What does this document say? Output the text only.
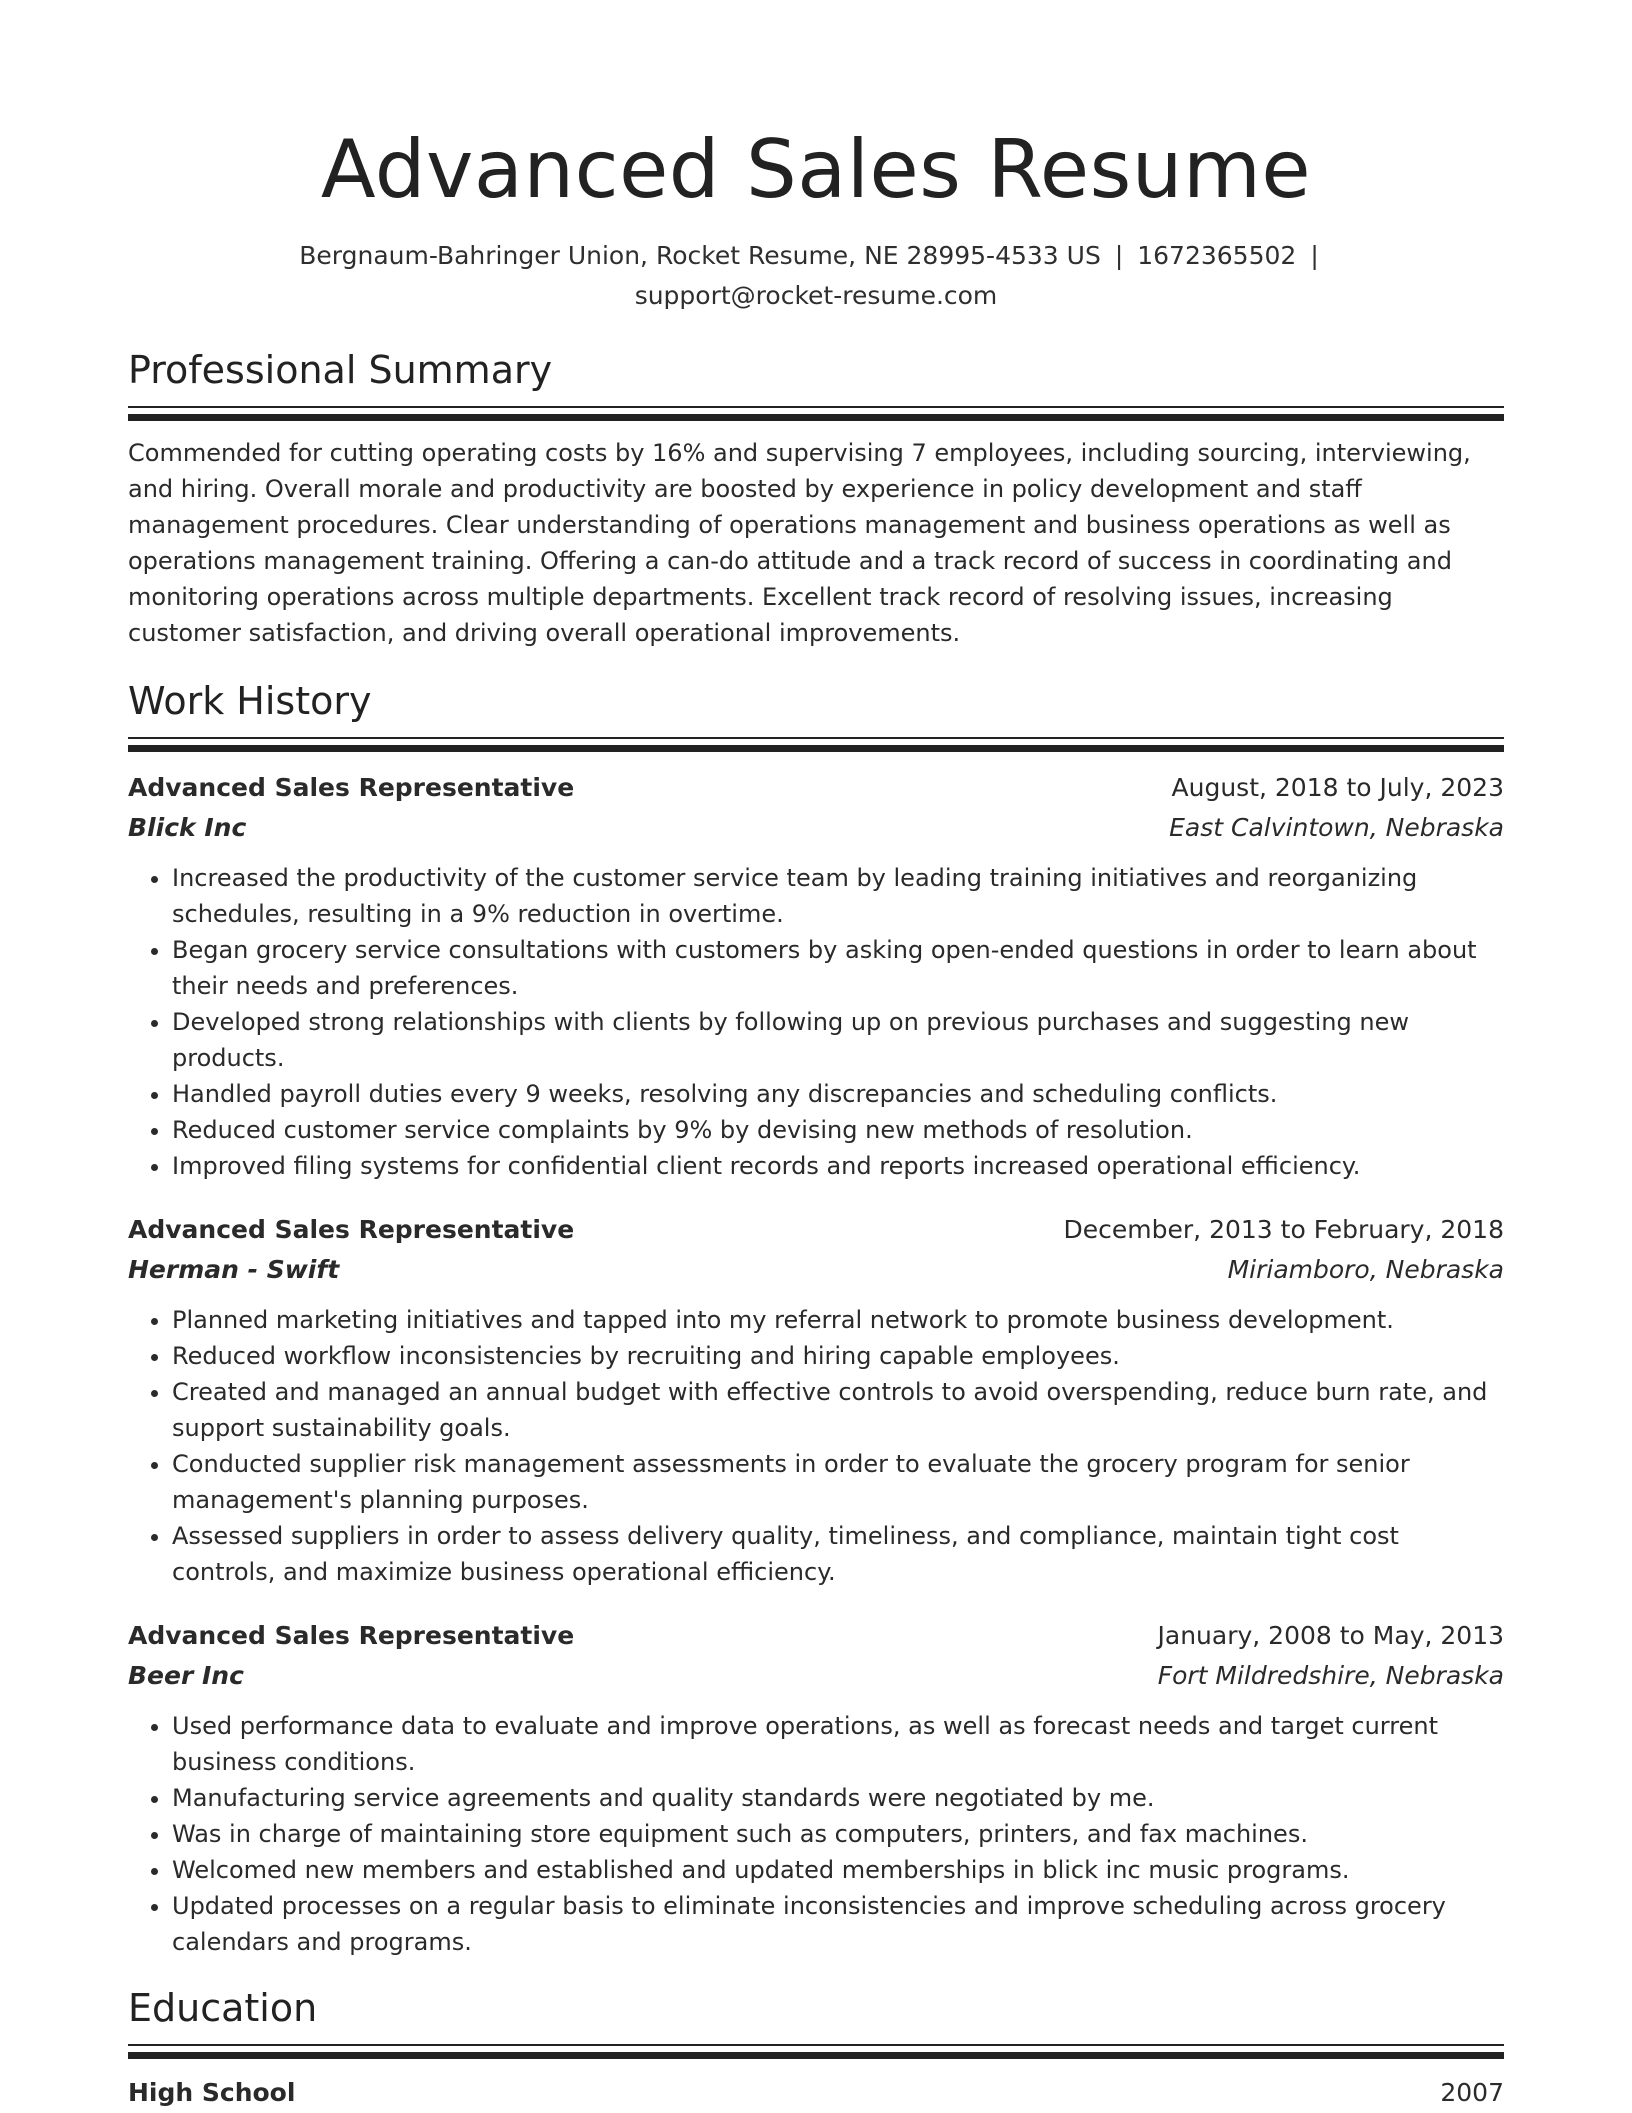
Advanced Sales Resume
Bergnaum-Bahringer Union, Rocket Resume, NE 28995-4533 US | 1672365502 |
support@rocket-resume.com
Professional Summary
Commended for cutting operating costs by 16% and supervising 7 employees, including sourcing, interviewing, and hiring. Overall morale and productivity are boosted by experience in policy development and staff management procedures. Clear understanding of operations management and business operations as well as operations management training. Offering a can-do attitude and a track record of success in coordinating and monitoring operations across multiple departments. Excellent track record of resolving issues, increasing customer satisfaction, and driving overall operational improvements.
Work History
Advanced Sales Representative	August, 2018 to July, 2023
Blick Inc	East Calvintown, Nebraska
• Increased the productivity of the customer service team by leading training initiatives and reorganizing schedules, resulting in a 9% reduction in overtime.
• Began grocery service consultations with customers by asking open-ended questions in order to learn about their needs and preferences.
• Developed strong relationships with clients by following up on previous purchases and suggesting new products.
• Handled payroll duties every 9 weeks, resolving any discrepancies and scheduling conflicts.
• Reduced customer service complaints by 9% by devising new methods of resolution.
• Improved filing systems for confidential client records and reports increased operational efficiency.
Advanced Sales Representative	December, 2013 to February, 2018
Herman - Swift	Miriamboro, Nebraska
• Planned marketing initiatives and tapped into my referral network to promote business development.
• Reduced workflow inconsistencies by recruiting and hiring capable employees.
• Created and managed an annual budget with effective controls to avoid overspending, reduce burn rate, and support sustainability goals.
• Conducted supplier risk management assessments in order to evaluate the grocery program for senior management's planning purposes.
• Assessed suppliers in order to assess delivery quality, timeliness, and compliance, maintain tight cost controls, and maximize business operational efficiency.
Advanced Sales Representative	January, 2008 to May, 2013
Beer Inc	Fort Mildredshire, Nebraska
• Used performance data to evaluate and improve operations, as well as forecast needs and target current business conditions.
• Manufacturing service agreements and quality standards were negotiated by me.
• Was in charge of maintaining store equipment such as computers, printers, and fax machines.
• Welcomed new members and established and updated memberships in blick inc music programs.
• Updated processes on a regular basis to eliminate inconsistencies and improve scheduling across grocery calendars and programs.
Education
High School	2007
